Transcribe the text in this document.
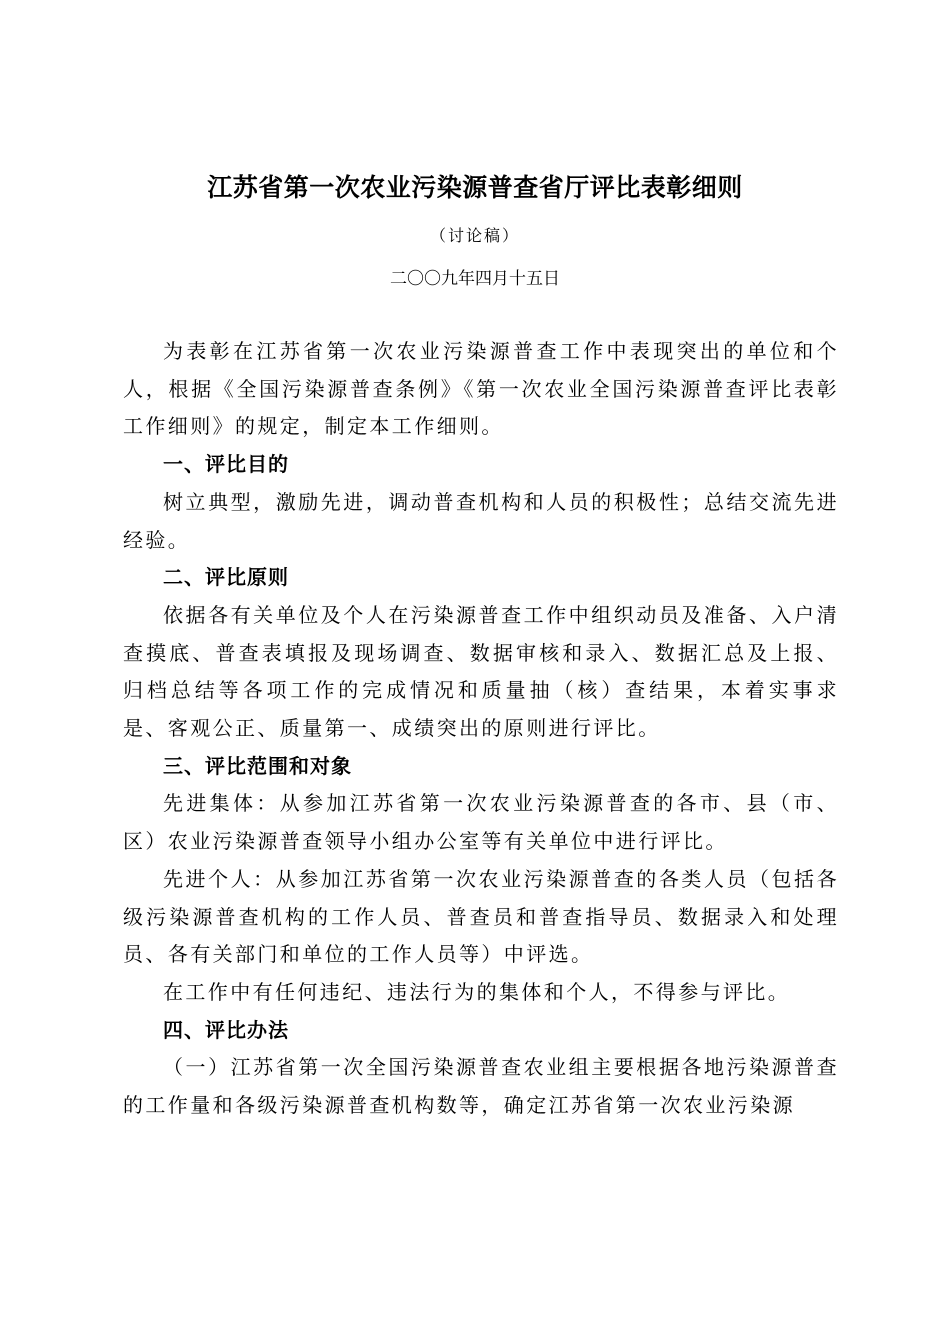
江苏省第一次农业污染源普查省厅评比表彰细则
（讨论稿）
二〇〇九年四月十五日

为表彰在江苏省第一次农业污染源普查工作中表现突出的单位和个人，根据《全国污染源普查条例》《第一次农业全国污染源普查评比表彰工作细则》的规定，制定本工作细则。

一、评比目的

树立典型，激励先进，调动普查机构和人员的积极性；总结交流先进经验。

二、评比原则

依据各有关单位及个人在污染源普查工作中组织动员及准备、入户清查摸底、普查表填报及现场调查、数据审核和录入、数据汇总及上报、归档总结等各项工作的完成情况和质量抽（核）查结果，本着实事求是、客观公正、质量第一、成绩突出的原则进行评比。

三、评比范围和对象

先进集体：从参加江苏省第一次农业污染源普查的各市、县（市、区）农业污染源普查领导小组办公室等有关单位中进行评比。

先进个人：从参加江苏省第一次农业污染源普查的各类人员（包括各级污染源普查机构的工作人员、普查员和普查指导员、数据录入和处理员、各有关部门和单位的工作人员等）中评选。

在工作中有任何违纪、违法行为的集体和个人，不得参与评比。

四、评比办法

（一）江苏省第一次全国污染源普查农业组主要根据各地污染源普查的工作量和各级污染源普查机构数等，确定江苏省第一次农业污染源
